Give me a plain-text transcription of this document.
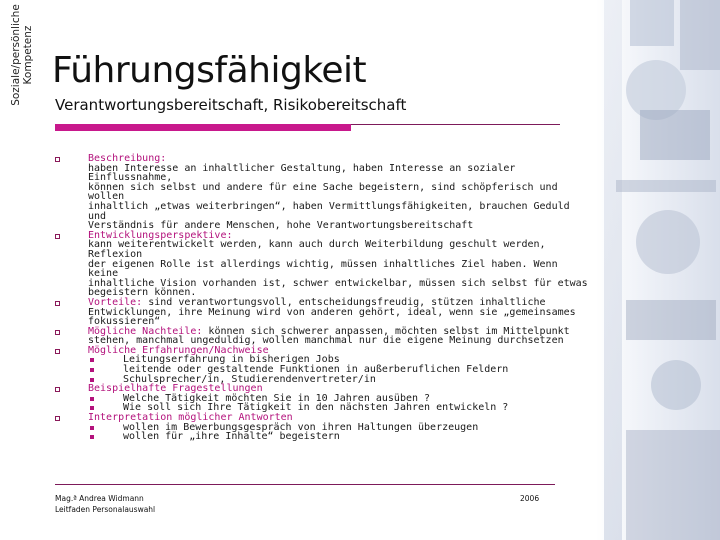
Soziale/persönliche Kompetenz Führungsfähigkeit
Verantwortungsbereitschaft, Risikobereitschaft
Beschreibung:
haben Interesse an inhaltlicher Gestaltung, haben Interesse an sozialer Einflussnahme,
können sich selbst und andere für eine Sache begeistern, sind schöpferisch und wollen
inhaltlich „etwas weiterbringen“, haben Vermittlungsfähigkeiten, brauchen Geduld und
Verständnis für andere Menschen, hohe Verantwortungsbereitschaft
Entwicklungsperspektive:
kann weiterentwickelt werden, kann auch durch Weiterbildung geschult werden, Reflexion
der eigenen Rolle ist allerdings wichtig, müssen inhaltliches Ziel haben. Wenn keine
inhaltliche Vision vorhanden ist, schwer entwickelbar, müssen sich selbst für etwas
begeistern können.
Vorteile: sind verantwortungsvoll, entscheidungsfreudig, stützen inhaltliche
Entwicklungen, ihre Meinung wird von anderen gehört, ideal, wenn sie „gemeinsames
fokussieren“
Mögliche Nachteile: können sich schwerer anpassen, möchten selbst im Mittelpunkt
stehen, manchmal ungeduldig, wollen manchmal nur die eigene Meinung durchsetzen
Mögliche Erfahrungen/Nachweise
Leitungserfahrung in bisherigen Jobs
leitende oder gestaltende Funktionen in außerberuflichen Feldern
Schulsprecher/in, Studierendenvertreter/in
Beispielhafte Fragestellungen
Welche Tätigkeit möchten Sie in 10 Jahren ausüben ?
Wie soll sich Ihre Tätigkeit in den nächsten Jahren entwickeln ?
Interpretation möglicher Antworten
wollen im Bewerbungsgespräch von ihren Haltungen überzeugen
wollen für „ihre Inhalte“ begeistern
Mag.ª Andrea Widmann
Leitfaden Personalauswahl
2006
